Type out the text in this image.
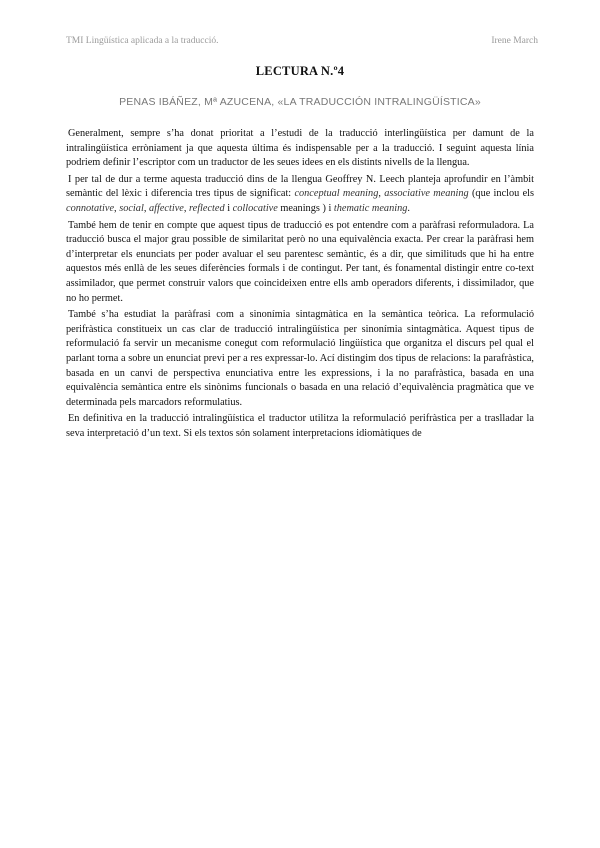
TMI Lingüística aplicada a la traducció.	Irene March
LECTURA N.º4
PENAS IBÁÑEZ, Mª AZUCENA, «LA TRADUCCIÓN INTRALINGÜÍSTICA»

Generalment, sempre s’ha donat prioritat a l’estudi de la traducció interlingüística per damunt de la intralingüística erròniament ja que aquesta última és indispensable per a la traducció. I seguint aquesta línia podriem definir l’escriptor com un traductor de les seues idees en els distints nivells de la llengua.

I per tal de dur a terme aquesta traducció dins de la llengua Geoffrey N. Leech planteja aprofundir en l’àmbit semàntic del lèxic i diferencia tres tipus de significat: conceptual meaning, associative meaning (que inclou els connotative, social, affective, reflected i collocative meanings ) i thematic meaning.

També hem de tenir en compte que aquest tipus de traducció es pot entendre com a paràfrasi reformuladora. La traducció busca el major grau possible de similaritat però no una equivalència exacta. Per crear la paràfrasi hem d’interpretar els enunciats per poder avaluar el seu parentesc semàntic, és a dir, que similituds que hi ha entre aquestos més enllà de les seues diferències formals i de contingut. Per tant, és fonamental distingir entre co-text assimilador, que permet construir valors que coincideixen entre ells amb operadors diferents, i dissimilador, que no ho permet.

També s’ha estudiat la paràfrasi com a sinonímia sintagmàtica en la semàntica teòrica. La reformulació perifràstica constitueix un cas clar de traducció intralingüística per sinonímia sintagmàtica. Aquest tipus de reformulació fa servir un mecanisme conegut com reformulació lingüística que organitza el discurs pel qual el parlant torna a sobre un enunciat previ per a res expressar-lo. Ací distingim dos tipus de relacions: la parafràstica, basada en un canvi de perspectiva enunciativa entre les expressions, i la no parafràstica, basada en una equivalència semàntica entre els sinònims funcionals o basada en una relació d’equivalència pragmàtica que ve determinada pels marcadors reformulatius.

En definitiva en la traducció intralingüística el traductor utilitza la reformulació perifràstica per a traslladar la seva interpretació d’un text. Si els textos són solament interpretacions idiomàtiques de
